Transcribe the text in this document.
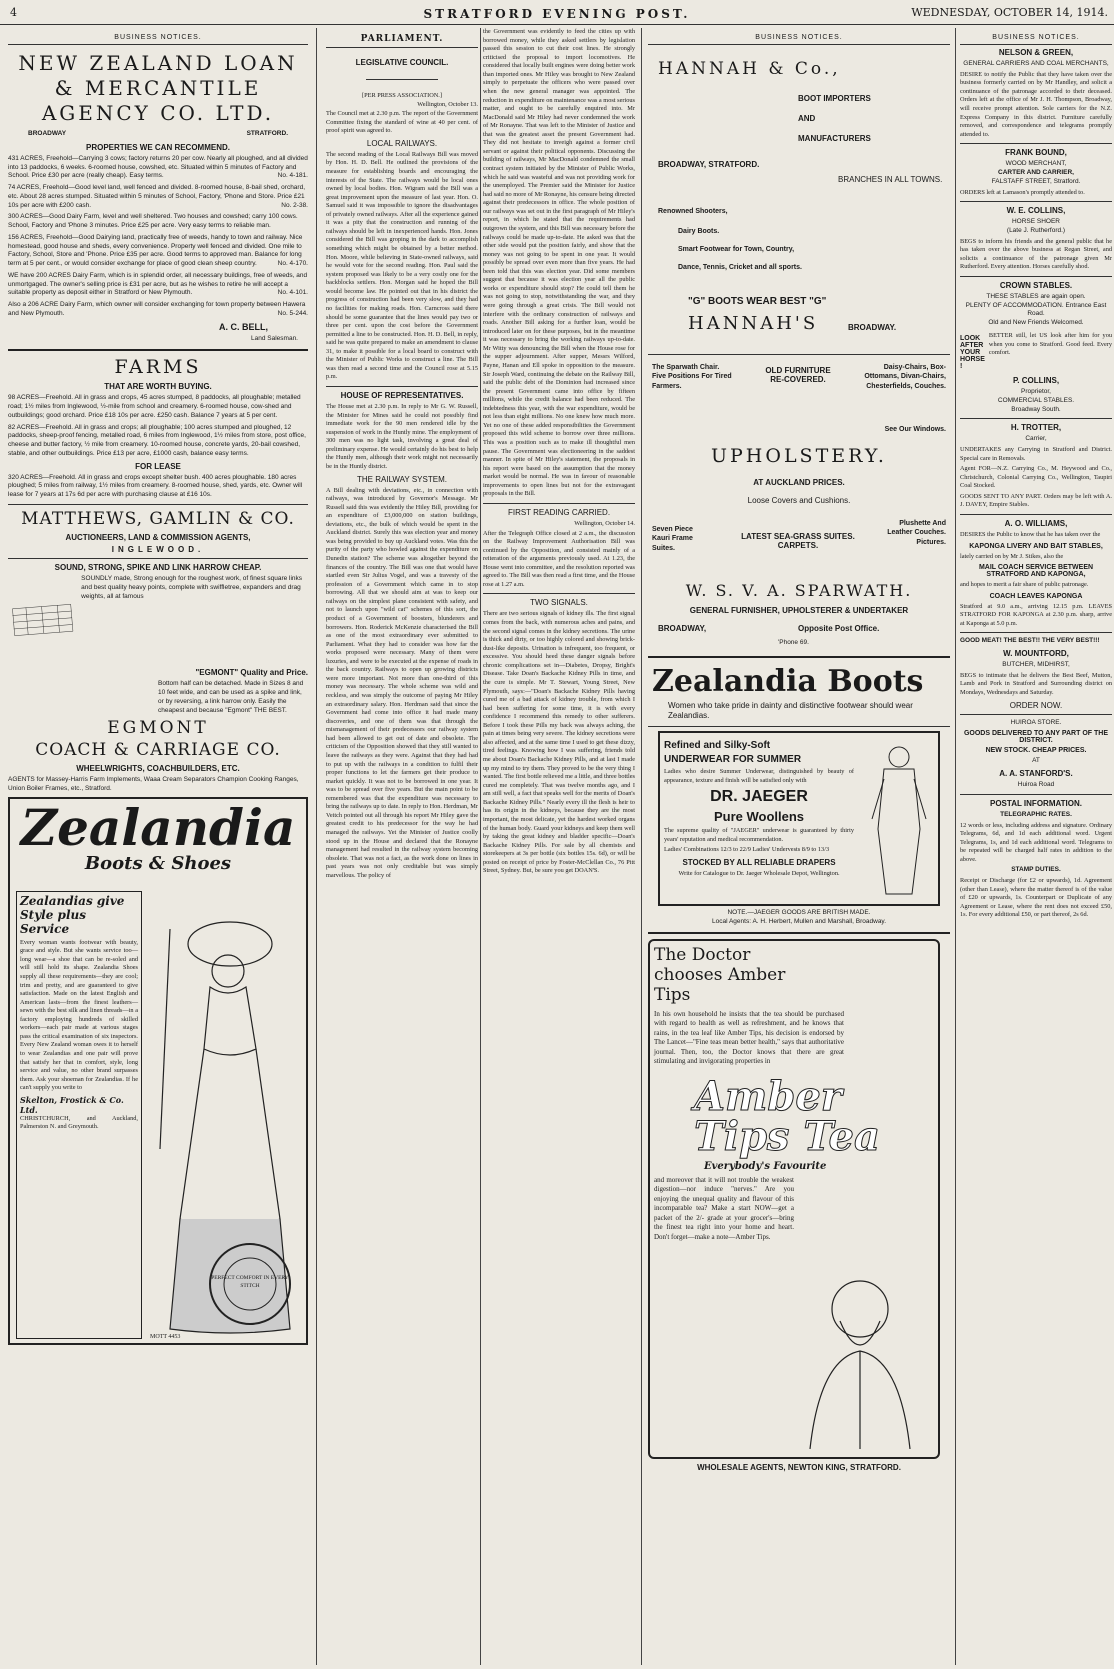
4	STRATFORD EVENING POST.	WEDNESDAY, OCTOBER 14, 1914.
BUSINESS NOTICES.
NEW ZEALAND LOAN & MERCANTILE AGENCY CO. LTD.
BROADWAY	STRATFORD.
PROPERTIES WE CAN RECOMMEND.

431 ACRES, Freehold—Carrying 3 cows; factory returns 20 per cow. Nearly all ploughed, and all divided into 13 paddocks, 6 weeks. 6-roomed house, cowshed, etc. Situated within 5 minutes of Factory and School. Price £30 per acre (really cheap). Easy terms.	No. 4-181.

74 ACRES, Freehold—Good level land, well fenced and divided. 8-roomed house, 8-bail shed, orchard, etc. About 28 acres stumped. Situated within 5 minutes of School, Factory, 'Phone and Store. Price £21 10s per acre with £200 cash.	No. 2-38.

300 ACRES—Good Dairy Farm, level and well sheltered. Two houses and cowshed; carry 100 cows. School, Factory and 'Phone 3 minutes. Price £25 per acre. Very easy terms to reliable man.

156 ACRES, Freehold—Good Dairying land, practically free of weeds, handy to town and railway. Nice homestead, good house and sheds, every convenience. Property well fenced and divided. One mile to Factory, School, Store and 'Phone. Price £35 per acre. Good terms to approved man. Balance for long term at 5 per cent., or would consider exchange for place of good clean sheep country.	No. 4-170.

WE have 200 ACRES Dairy Farm, which is in splendid order, all necessary buildings, free of weeds, and unmortgaged. The owner's selling price is £31 per acre, but as he wishes to retire he will accept a suitable property as deposit either in Stratford or New Plymouth.	No. 4-101.

Also a 206 ACRE Dairy Farm, which owner will consider exchanging for town property between Hawera and New Plymouth.	No. 5-244.

A. C. BELL,
Land Salesman.
FARMS
THAT ARE WORTH BUYING.

98 ACRES—Freehold. All in grass and crops, 45 acres stumped, 8 paddocks, all ploughable; metalled road; 1½ miles from Inglewood, ½-mile from school and creamery. 6-roomed house, cow-shed and outbuildings; good orchard. Price £18 10s per acre. £250 cash. Balance 7 years at 5 per cent.

82 ACRES—Freehold. All in grass and crops; all ploughable; 100 acres stumped and ploughed, 12 paddocks, sheep-proof fencing, metalled road, 6 miles from Inglewood, 1½ miles from store, post office, cheese and butter factory, ½ mile from creamery. 10-roomed house, concrete yards, 20-bail cowshed, stable, and other outbuildings. Price £13 per acre, £1000 cash, balance easy terms.

FOR LEASE

320 ACRES—Freehold. All in grass and crops except shelter bush. 400 acres ploughable. 180 acres ploughed; 5 miles from railway, 1½ miles from creamery. 8-roomed house, shed, yards, etc. Owner will lease for 7 years at 17s 6d per acre with purchasing clause at £16 10s.

MATTHEWS, GAMLIN & CO.
AUCTIONEERS, LAND & COMMISSION AGENTS,
INGLEWOOD.
SOUND, STRONG, SPIKE AND LINK HARROW CHEAP.

SOUNDLY made, Strong enough for the roughest work, of finest square links and best quality heavy points, complete with swiffletree, expanders and drag weights, all at famous

"EGMONT" Quality and Price.

Bottom half can be detached. Made in Sizes 8 and 10 feet wide, and can be used as a spike and link, or by reversing, a link harrow only. Easily the cheapest and because "Egmont" THE BEST.

EGMONT
COACH & CARRIAGE CO.
WHEELWRIGHTS, COACHBUILDERS, ETC.

AGENTS for Massey-Harris Farm Implements, Waaa Cream Separators Champion Cooking Ranges, Union Boiler Frames, etc., Stratford.

Zealandia
Boots & Shoes
Zealandias give Style plus Service

Every woman wants footwear with beauty, grace and style. But she wants service too—long wear—a shoe that can be re-soled and will still hold its shape. Zealandia Shoes supply all these requirements—they are cool; trim and pretty, and are guaranteed to give satisfaction. Made on the latest English and American lasts—from the finest leathers—sewn with the best silk and linen threads—in a factory employing hundreds of skilled workers—each pair made at various stages pass the critical examination of six inspectors. Every New Zealand woman owes it to herself to wear Zealandias and one pair will prove that satisfy her that in comfort, style, long service and value, no other brand surpasses them. Ask your shoeman for Zealandias. If he can't supply you write to

Skelton, Frostick & Co. Ltd.
CHRISTCHURCH, and Auckland, Palmerston N. and Greymouth.
PERFECT COMFORT IN EVERY STITCH
MOTT 4453
PARLIAMENT.
LEGISLATIVE COUNCIL.
[PER PRESS ASSOCIATION.]
Wellington, October 13.

The Council met at 2.30 p.m. The report of the Government Committee fixing the standard of wine at 40 per cent. of proof spirit was agreed to.

LOCAL RAILWAYS.

The second reading of the Local Railways Bill was moved by Hon. H. D. Bell. He outlined the provisions of the measure for establishing boards and encouraging the interests of the State. The railways would be local ones owned by local bodies. Hon. Wigram said the Bill was a great improvement upon the measure of last year. Hon. O. Samuel said it was impossible to ignore the disadvantages of privately owned railways. After all the experience gained it was a pity that the construction and running of the railways should be left in inexperienced hands. Hon. Jones considered the Bill was groping in the dark to accomplish something which might be obtained by a better method. Hon. Moore, while believing in State-owned railways, said he would vote for the second reading. Hon. Paul said the system proposed was likely to be a very costly one for the backblocks settlers. Hon. Morgan said he hoped the Bill would become law. He pointed out that in his district the progress of construction had been very slow, and they had no facilities for making roads. Hon. Carncross said there should be some guarantee that the lines would pay two or three per cent. upon the cost before the Government permitted a line to be constructed. Hon. H. D. Bell, in reply, said he was quite prepared to make an amendment to clause 31, to make it possible for a local board to construct with the Minister of Public Works to construct a line. The Bill was then read a second time and the Council rose at 5.15 p.m.

HOUSE OF REPRESENTATIVES.

The House met at 2.30 p.m. In reply to Mr G. W. Russell, the Minister for Mines said he could not possibly find immediate work for the 90 men rendered idle by the suspension of work in the Huntly mine. The employment of 300 men was no light task, involving a great deal of preliminary expense. He would certainly do his best to help the Huntly men, although their work might not necessarily be in the Huntly district.

THE RAILWAY SYSTEM.

A Bill dealing with deviations, etc., in connection with railways, was introduced by Governor's Message. Mr Russell said this was evidently the Hiley Bill, providing for an expenditure of £3,000,000 on station buildings, deviations, etc., the bulk of which would be spent in the Auckland district. Surely this was election year and money was being provided to buy up Auckland votes. Was this the purity of the party who howled against the expenditure on Dunedin station? The scheme was altogether beyond the finances of the country. The Bill was one that would have startled even Sir Julius Vogel, and was a travesty of the profession of a Government which came in to stop borrowing. All that we should aim at was to keep our railways on the simplest plane consistent with safety, and not to launch upon "wild cat" schemes of this sort, the product of a Government of boosters, blunderers and borrowers. Hon. Roderick McKenzie characterised the Bill as one of the most extraordinary ever submitted to Parliament. What they had to consider was how far the works proposed were necessary. Many of them were luxuries, and were to be executed at the expense of roads in the back country. Railways to open up growing districts were more important. Not more than one-third of this money was necessary. The whole scheme was wild and reckless, and was simply the outcome of paying Mr Hiley an extraordinary salary. Hon. Herdman said that since the Government had come into office it had made many discoveries, and one of them was that through the mismanagement of their predecessors our railway system had been allowed to get out of date and obsolete. The criticism of the Opposition showed that they still wanted to leave the railways as they were. Against that they had had to put up with the railways in a condition to fulfil their proper functions to let the farmers get their produce to market quickly. It was not to be borrowed in one year. It was to be spread over five years. But the main point to be remembered was that the expenditure was necessary to bring the railways up to date. In reply to Hon. Herdman, Mr Veitch pointed out all through his report Mr Hiley gave the greatest credit to his predecessor for the way he had managed the railways. Yet the Minister of Justice coolly stood up in the House and declared that the Ronayne management had resulted in the railway system becoming obsolete. That was not a fact, as the work done on lines in past years was not only creditable but was simply marvellous. The policy of

the Government was evidently to feed the cities up with borrowed money, while they asked settlers by legislation passed this session to cut their cost lines. He strongly criticised the proposal to import locomotives. He considered that locally built engines were doing better work than imported ones. Mr Hiley was brought to New Zealand simply to perpetuate the officers who were passed over when the new general manager was appointed. The reduction in expenditure on maintenance was a most serious matter, and ought to be carefully enquired into. Mr MacDonald said Mr Hiley had never condemned the work of Mr Ronayne. That was left to the Minister of Justice and that was the greatest asset the present Government had. They did not hesitate to inveigh against a former civil servant or against their political opponents. Discussing the building of railways, Mr MacDonald condemned the small contract system initiated by the Minister of Public Works, which he said was wasteful and was not providing work for the unemployed. The Premier said the Minister for Justice had said no more of Mr Ronayne, his censure being directed against their predecessors in office. The whole position of our railways was set out in the first paragraph of Mr Hiley's report, in which he stated that the requirements had outgrown the system, and this Bill was necessary before the railways could be made up-to-date. He asked was that the other side would put the position fairly, and show that the money was not going to be spent in one year. It would possibly be spread over even more than five years. He had been told that this was election year. Did some members suggest that because it was election year all the public works or expenditure should stop? He could tell them he was not going to stop, notwithstanding the war, and they were going through a great crisis. The Bill would not interfere with the ordinary construction of railways and roads. Another Bill asking for a further loan, would be introduced later on for these purposes, but in the meantime it was necessary to bring the working railways up-to-date. Mr Witty was denouncing the Bill when the House rose for the supper adjournment. After supper, Messrs Wilford, Payne, Hanan and Ell spoke in opposition to the measure. Sir Joseph Ward, continuing the debate on the Railway Bill, said the public debt of the Dominion had increased since the present Government came into office by fifteen millions, while the credit balance had been reduced. The indebtedness this year, with the war expenditure, would be not less than eight millions. No one knew how much more. Yet no one of these added responsibilities the Government proposed this wild scheme to borrow over three millions. This was a position such as to make ill thoughtful men pause. The Government was electioneering in the saddest manner. In spite of Mr Hiley's statement, the proposals in his report were based on the assumption that the money market would be normal. He was in favour of reasonable improvements to open lines but not for the extravagant proposals in the Bill.

FIRST READING CARRIED.
Wellington, October 14.

After the Telegraph Office closed at 2 a.m., the discussion on the Railway Improvement Authorisation Bill was continued by the Opposition, and consisted mainly of a reiteration of the arguments previously used. At 1.23, the House went into committee, and the resolution reported was agreed to. The Bill was then read a first time, and the House rose at 1.27 a.m.

TWO SIGNALS.

There are two serious signals of kidney ills. The first signal comes from the back, with numerous aches and pains, and the second signal comes in the kidney secretions. The urine is thick and dirty, or too highly colored and showing brick-dust-like deposits. Urination is infrequent, too frequent, or excessive. You should heed these danger signals before chronic complications set in—Diabetes, Dropsy, Bright's Disease. Take Doan's Backache Kidney Pills in time, and the cure is simple. Mr T. Stewart, Young Street, New Plymouth, says:—"Doan's Backache Kidney Pills having cured me of a bad attack of kidney trouble, from which I had been suffering for some time, it is with every confidence I recommend this remedy to other sufferers. Before I took these Pills my back was always aching, the pain at times being very severe. The kidney secretions were also affected, and at the same time I used to get these dizzy, tired feelings. Knowing how I was suffering, friends told me about Doan's Backache Kidney Pills, and at last I made up my mind to try them. They proved to be the very thing I wanted. The first bottle relieved me a little, and three bottles cured me completely. That was twelve months ago, and I am still well, a fact that speaks well for the merits of Doan's Backache Kidney Pills." Nearly every ill the flesh is heir to has its origin in the kidneys, because they are the most important, the most delicate, yet the hardest worked organs of the human body. Guard your kidneys and keep them well by taking the great kidney and bladder specific—Doan's Backache Kidney Pills. For sale by all chemists and storekeepers at 3s per bottle (six bottles 15s. 6d), or will be posted on receipt of price by Foster-McClellan Co., 76 Pitt Street, Sydney. But, be sure you get DOAN'S.

BUSINESS NOTICES.
HANNAH & Co.,
BOOT IMPORTERS
AND
MANUFACTURERS
BROADWAY, STRATFORD.
BRANCHES IN ALL TOWNS.
Renowned Shooters,
Dairy Boots.
Smart Footwear for Town, Country,
Dance, Tennis, Cricket and all sports.
"G" BOOTS WEAR BEST "G"
HANNAH'S	BROADWAY.
The Sparwath Chair. Five Positions For Tired Farmers.
OLD FURNITURE RE-COVERED.
Daisy-Chairs, Box-Ottomans, Divan-Chairs, Chesterfields, Couches.
See Our Windows.
UPHOLSTERY.
AT AUCKLAND PRICES.
Loose Covers and Cushions.
Seven Piece Kauri Frame Suites.
LATEST SEA-GRASS SUITES. CARPETS.
Plushette And Leather Couches. Pictures.
W. S. V. A. SPARWATH.
GENERAL FURNISHER, UPHOLSTERER & UNDERTAKER
BROADWAY,	Opposite Post Office.
'Phone 69.
Zealandia Boots
Women who take pride in dainty and distinctive footwear should wear Zealandias.
Refined and Silky-Soft
UNDERWEAR FOR SUMMER

Ladies who desire Summer Underwear, distinguished by beauty of appearance, texture and finish will be satisfied only with

DR. JAEGER
Pure Woollens

The supreme quality of "JAEGER" underwear is guaranteed by thirty years' reputation and medical recommendation.

Ladies' Combinations 12/3 to 22/9 Ladies' Undervests 8/9 to 13/3

STOCKED BY ALL RELIABLE DRAPERS
Write for Catalogue to Dr. Jaeger Wholesale Depot, Wellington.
NOTE.—JAEGER GOODS ARE BRITISH MADE.
Local Agents: A. H. Herbert, Mullen and Marshall, Broadway.
The Doctor chooses Amber Tips

In his own household he insists that the tea should be purchased with regard to health as well as refreshment, and he knows that rains, in the tea leaf like Amber Tips, his decision is endorsed by The Lancet—"Fine teas mean better health," says that authoritative journal. Then, too, the Doctor knows that there are great stimulating and invigorating properties in

Amber Tips Tea
Everybody's Favourite

and moreover that it will not trouble the weakest digestion—nor induce "nerves." Are you enjoying the unequal quality and flavour of this incomparable tea? Make a start NOW—get a packet of the 2/- grade at your grocer's—bring the finest tea right into your home and heart. Don't forget—make a note—Amber Tips.

WHOLESALE AGENTS, NEWTON KING, STRATFORD.
BUSINESS NOTICES.
NELSON & GREEN,
GENERAL CARRIERS AND COAL MERCHANTS,

DESIRE to notify the Public that they have taken over the business formerly carried on by Mr Handley, and solicit a continuance of the patronage accorded to their deceased. Orders left at the office of Mr J. H. Thompson, Broadway, will receive prompt attention. Sole carriers for the N.Z. Express Company in this district. Furniture carefully removed, and correspondence and telegrams promptly attended to.

FRANK BOUND,
WOOD MERCHANT,
CARTER AND CARRIER,
FALSTAFF STREET, Stratford.

ORDERS left at Lamason's promptly attended to.

W. E. COLLINS,
HORSE SHOER
(Late J. Rutherford.)

BEGS to inform his friends and the general public that he has taken over the above business at Regan Street, and solicits a continuance of the patronage given Mr Rutherford. Every attention. Horses carefully shod.

CROWN STABLES.
THESE STABLES are again open.
PLENTY OF ACCOMMODATION. Entrance East Road.
Old and New Friends Welcomed.
LOOK AFTER YOUR HORSE !

BETTER still, let US look after him for you when you come to Stratford. Good feed. Every comfort.

P. COLLINS,
Proprietor,
COMMERCIAL STABLES.
Broadway South.
H. TROTTER,
Carrier,

UNDERTAKES any Carrying in Stratford and District. Special care in Removals.

Agent FOR—N.Z. Carrying Co., M. Heywood and Co., Christchurch, Colonial Carrying Co., Wellington, Taupiri Coal Stocked.

GOODS SENT TO ANY PART. Orders may be left with A. J. DAVEY, Empire Stables.

A. O. WILLIAMS,

DESIRES the Public to know that he has taken over the

KAPONGA LIVERY AND BAIT STABLES,

lately carried on by Mr J. Stikes, also the

MAIL COACH SERVICE BETWEEN STRATFORD AND KAPONGA,

and hopes to merit a fair share of public patronage.

COACH LEAVES KAPONGA

Stratford at 9.0 a.m., arriving 12.15 p.m. LEAVES STRATFORD FOR KAPONGA at 2.30 p.m. sharp, arrive at Kaponga at 5.0 p.m.

GOOD MEAT! THE BEST!! THE VERY BEST!!!
W. MOUNTFORD,
BUTCHER, MIDHIRST,

BEGS to intimate that he delivers the Best Beef, Mutton, Lamb and Pork in Stratford and Surrounding district on Mondays, Wednesdays and Saturday.

ORDER NOW.
HUIROA STORE.
GOODS DELIVERED TO ANY PART OF THE DISTRICT.
NEW STOCK. CHEAP PRICES.
AT
A. A. STANFORD'S.
Huiroa Road
POSTAL INFORMATION.
TELEGRAPHIC RATES.

12 words or less, including address and signature. Ordinary Telegrams, 6d, and 1d each additional word. Urgent Telegrams, 1s, and 1d each additional word. Telegrams to be repeated will be charged half rates in addition to the above.

STAMP DUTIES.

Receipt or Discharge (for £2 or upwards), 1d. Agreement (other than Lease), where the matter thereof is of the value of £20 or upwards, 1s. Counterpart or Duplicate of any Agreement or Lease, where the rent does not exceed £50, 1s. For every additional £50, or part thereof, 2s 6d.
